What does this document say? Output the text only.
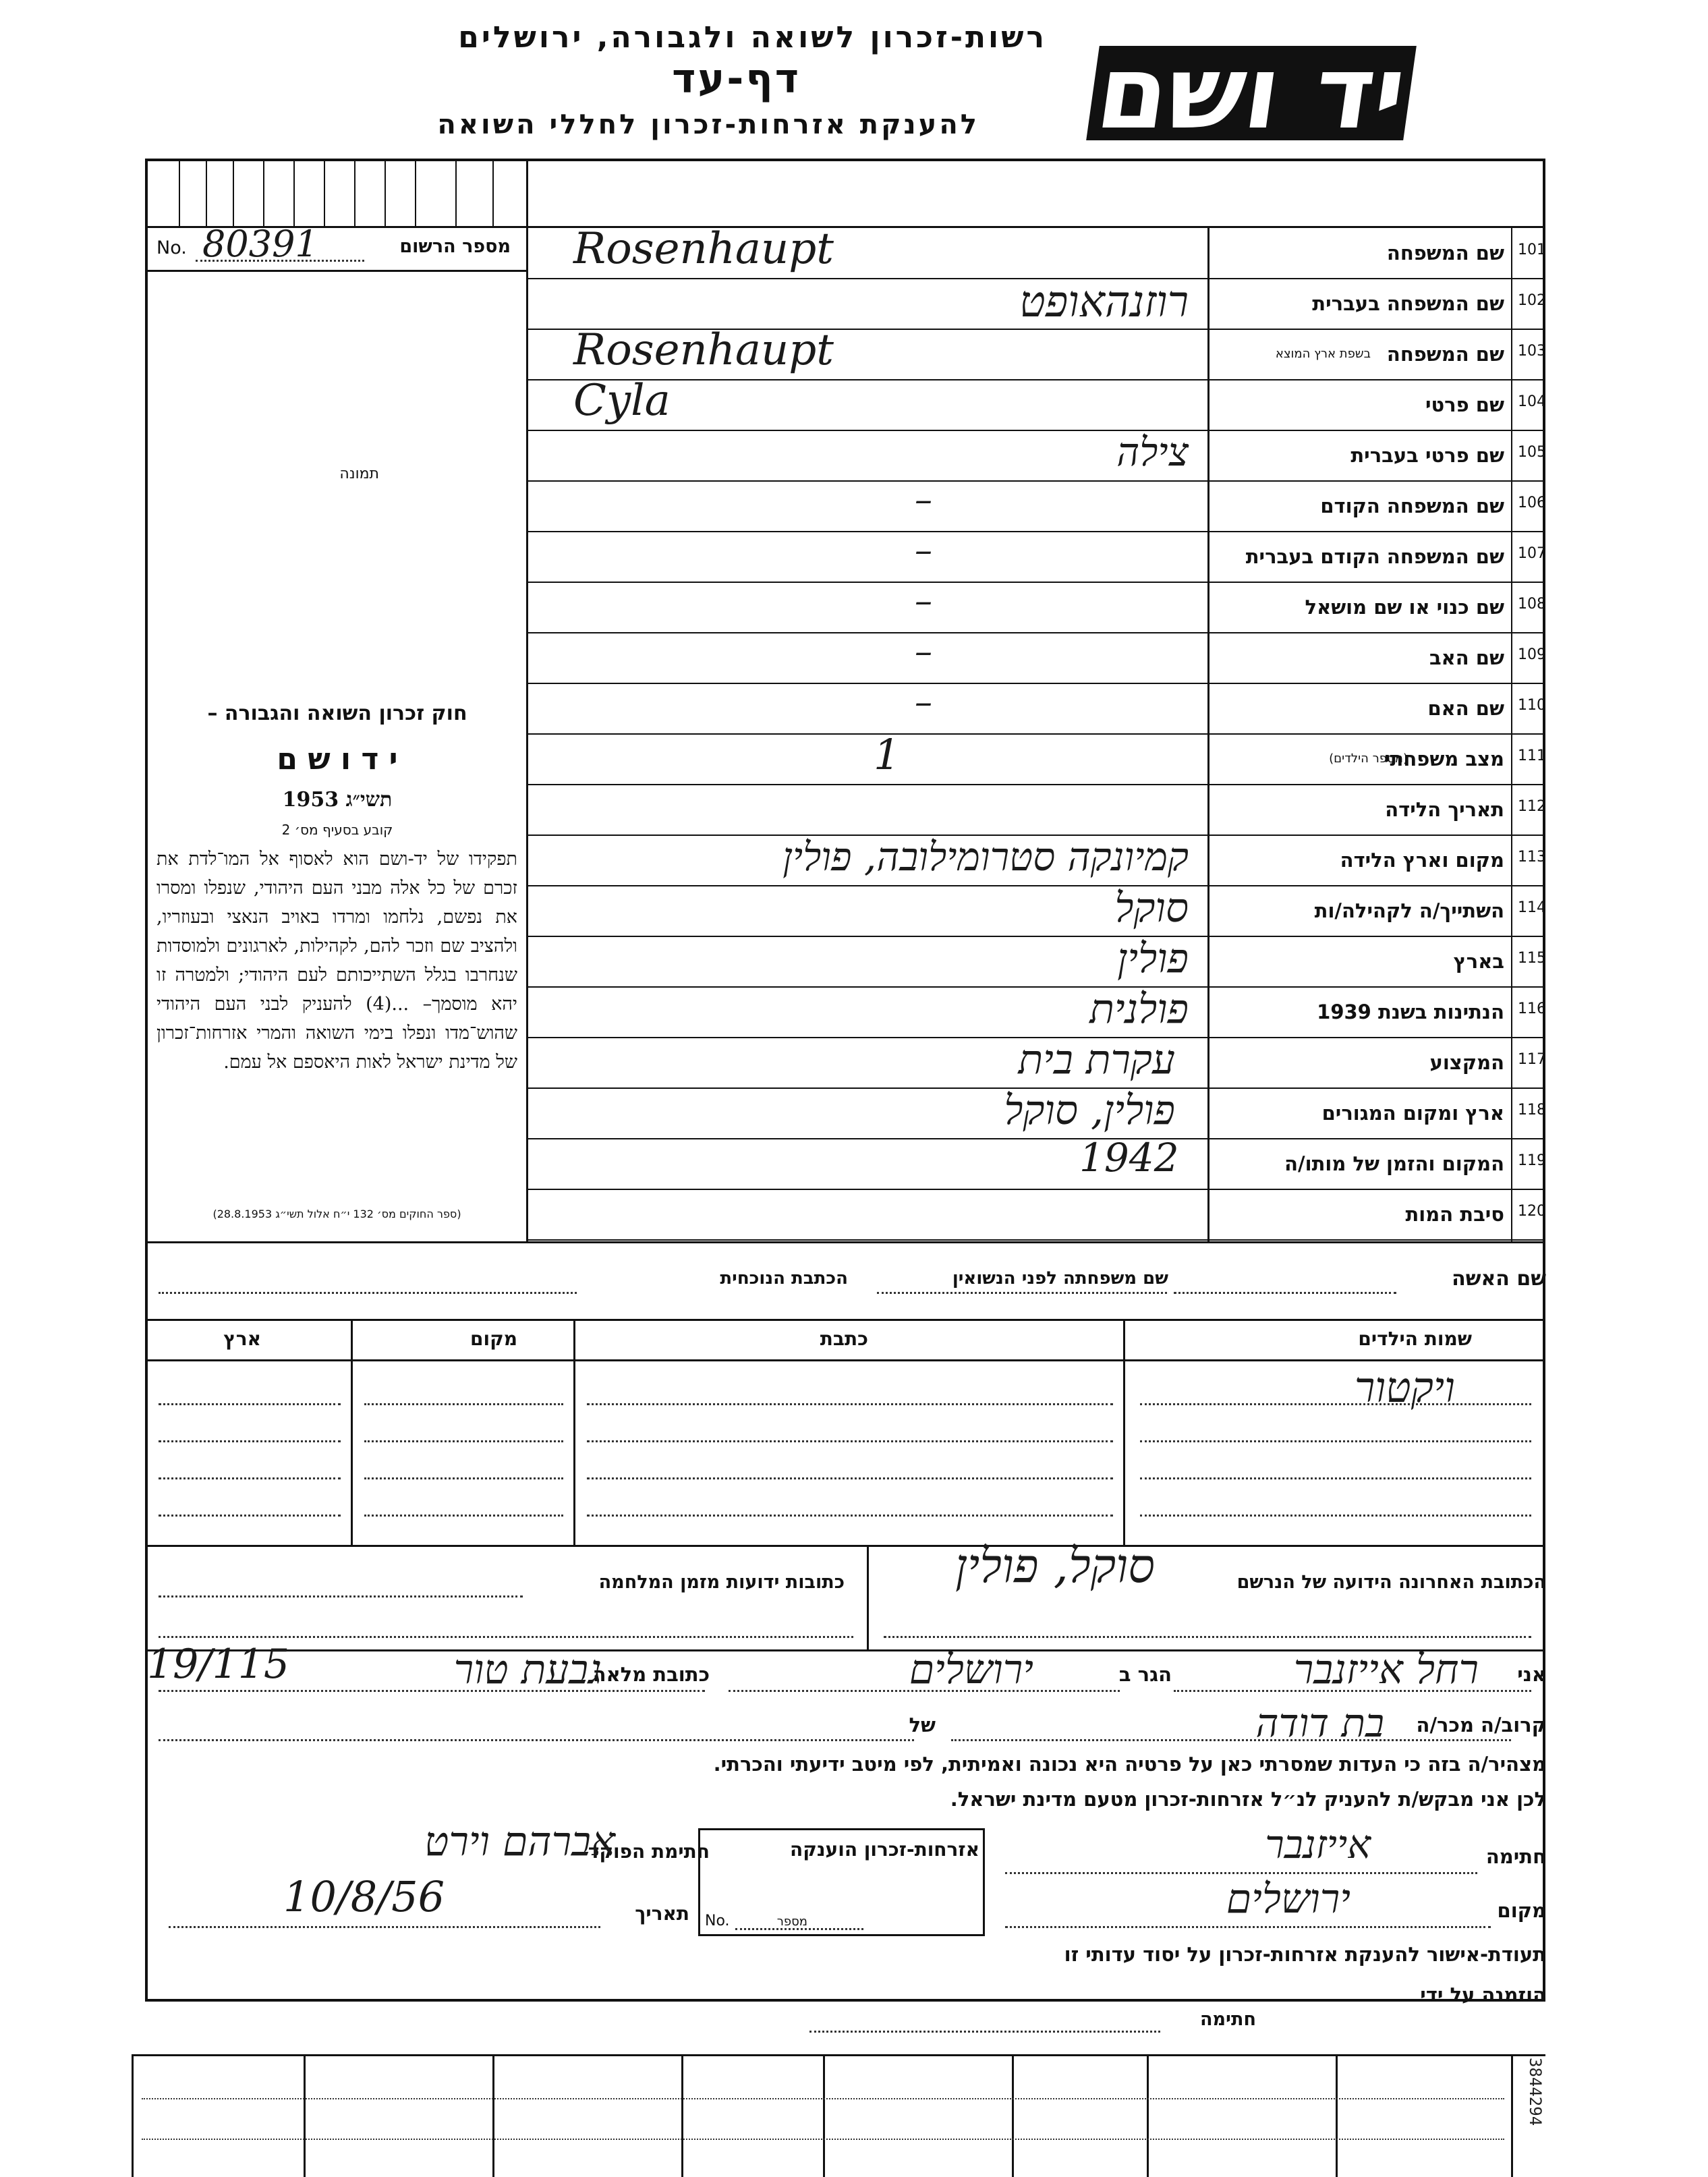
רשות-זכרון לשואה ולגבורה, ירושלים
דף-עד
להענקת אזרחות-זכרון לחללי השואה יד ושם
מספר הרשום
No. 80391
תמונה
חוק זכרון השואה והגבורה –
י ד ו ש ם
תשי״ג 1953
קובע בסעיף מס׳ 2
תפקידו של יד-ושם הוא לאסוף אל המו־לדת את זכרם של כל אלה מבני העם היהודי, שנפלו ומסרו את נפשם, נלחמו ומרדו באויב הנאצי ובעוזריו, ולהציב שם וזכר להם, לקהילות, לארגונים ולמוסדות שנחרבו בגלל השתייכותם לעם היהודי; ולמטרה זו יהא מוסמך– ...(4) להעניק לבני העם היהודי שהוש־מדו ונפלו בימי השואה והמרי אזרחות־זכרון של מדינת ישראל לאות היאספם אל עמם.
(ספר החוקים מס׳ 132 י״ח אלול תשי״ג 28.8.1953)
101
שם המשפחה
Rosenhaupt
102
שם המשפחה בעברית
רוזנהאופט
103
שם המשפחה
Rosenhaupt
104
שם פרטי
Cyla
105
שם פרטי בעברית
צילה
106
שם המשפחה הקודם
–
107
שם המשפחה הקודם בעברית
–
108
שם כנוי או שם מושאל
–
109
שם האב
–
110
שם האם
–
111
מצב משפחתי
1
112
תאריך הלידה
113
מקום וארץ הלידה
קמיונקה סטרומילובה, פולין
114
השתייך/ה לקהילה/ות
סוקל
115
בארץ
פולין
116
הנתינות בשנת 1939
פולנית
117
המקצוע
עקרת בית
118
ארץ ומקום המגורים
פולין, סוקל
119
המקום והזמן של מותו/ה
1942
120
סיבת המות
בשפת ארץ המוצא
(מספר הילדים)
שם האשה
שם משפחתה לפני הנשואין
הכתבת הנוכחית
שמות הילדים
כתבת
מקום
ארץ
ויקטור
הכתובת האחרונה הידועה של הנרשם
סוקל, פולין
כתובות ידועות מזמן המלחמה
אני
רחל אייזנבר
הגר ב
ירושלים
כתובת מלאה
גבעת טור
19/115
קרוב/ה מכר/ה
בת דודה
של
מצהיר/ה בזה כי העדות שמסרתי כאן על פרטיה היא נכונה ואמיתית, לפי מיטב ידיעתי והכרתי.
לכן אני מבקש/ת להעניק לנ״ל אזרחות-זכרון מטעם מדינת ישראל.
חתימה
אייזנבר
מקום
ירושלים
תעודת-אישור להענקת אזרחות-זכרון על יסוד עדותי זו
הוזמנה על ידי
חתימה
אזרחות-זכרון הוענקה
No.	מספר
חתימת הפוקד
אברהם וירט
תאריך
10/8/56
3844294
